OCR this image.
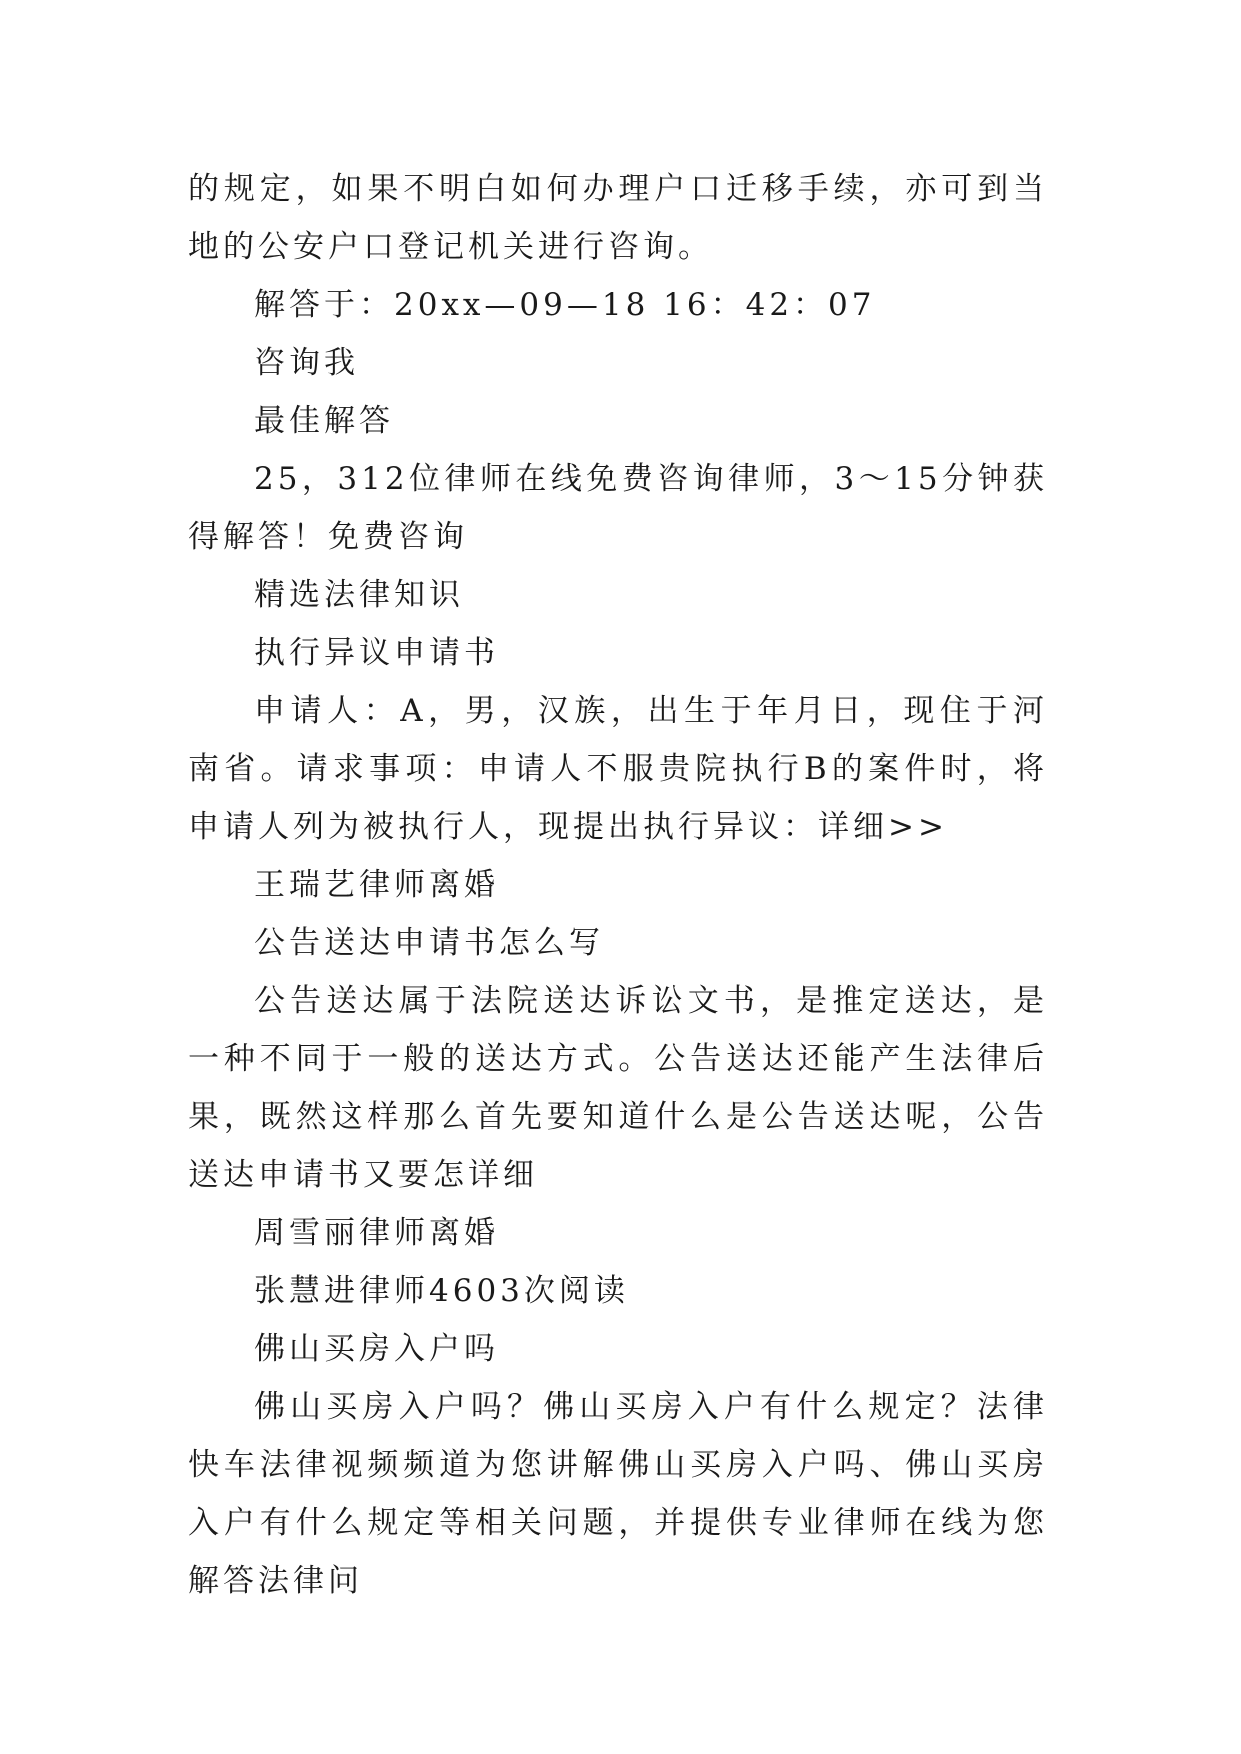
的规定，如果不明白如何办理户口迁移手续，亦可到当地的公安户口登记机关进行咨询。

解答于：20xx—09—18 16：42：07

咨询我

最佳解答

25，312位律师在线免费咨询律师，3～15分钟获得解答！免费咨询

精选法律知识

执行异议申请书

申请人：A，男，汉族，出生于年月日，现住于河南省。请求事项：申请人不服贵院执行B的案件时，将申请人列为被执行人，现提出执行异议：详细>>

王瑞艺律师离婚

公告送达申请书怎么写

公告送达属于法院送达诉讼文书，是推定送达，是一种不同于一般的送达方式。公告送达还能产生法律后果，既然这样那么首先要知道什么是公告送达呢，公告送达申请书又要怎详细

周雪丽律师离婚

张慧进律师4603次阅读

佛山买房入户吗

佛山买房入户吗？佛山买房入户有什么规定？法律快车法律视频频道为您讲解佛山买房入户吗、佛山买房入户有什么规定等相关问题，并提供专业律师在线为您解答法律问
